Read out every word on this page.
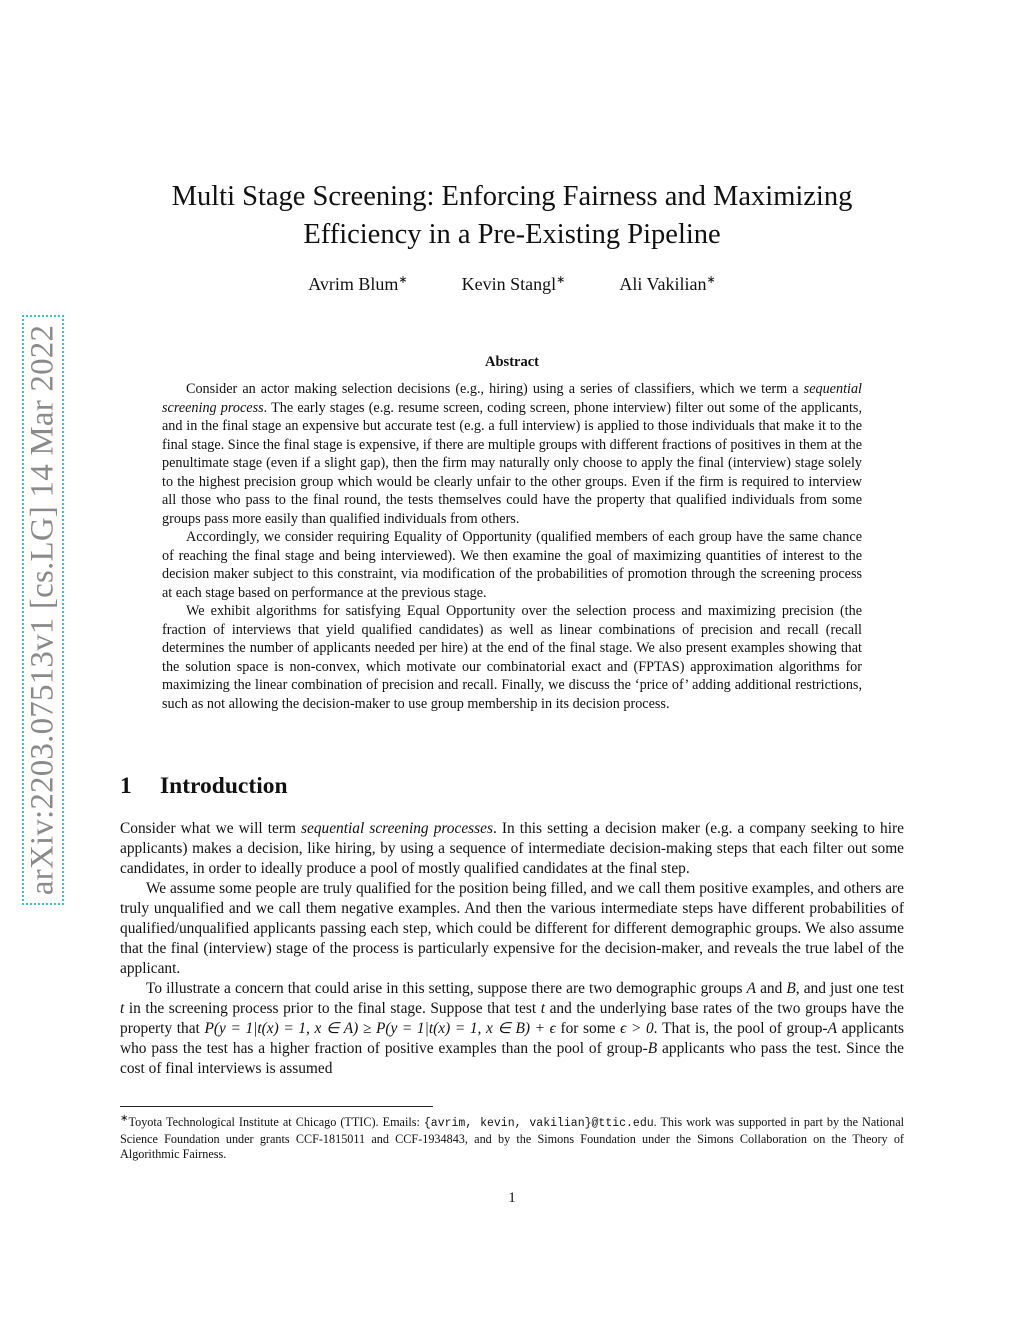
arXiv:2203.07513v1 [cs.LG] 14 Mar 2022
Multi Stage Screening: Enforcing Fairness and Maximizing
Efficiency in a Pre-Existing Pipeline
Avrim Blum∗	Kevin Stangl∗	Ali Vakilian∗
Abstract

Consider an actor making selection decisions (e.g., hiring) using a series of classifiers, which we term a sequential screening process. The early stages (e.g. resume screen, coding screen, phone interview) filter out some of the applicants, and in the final stage an expensive but accurate test (e.g. a full interview) is applied to those individuals that make it to the final stage. Since the final stage is expensive, if there are multiple groups with different fractions of positives in them at the penultimate stage (even if a slight gap), then the firm may naturally only choose to apply the final (interview) stage solely to the highest precision group which would be clearly unfair to the other groups. Even if the firm is required to interview all those who pass to the final round, the tests themselves could have the property that qualified individuals from some groups pass more easily than qualified individuals from others.

Accordingly, we consider requiring Equality of Opportunity (qualified members of each group have the same chance of reaching the final stage and being interviewed). We then examine the goal of maximizing quantities of interest to the decision maker subject to this constraint, via modification of the probabilities of promotion through the screening process at each stage based on performance at the previous stage.

We exhibit algorithms for satisfying Equal Opportunity over the selection process and maximizing precision (the fraction of interviews that yield qualified candidates) as well as linear combinations of precision and recall (recall determines the number of applicants needed per hire) at the end of the final stage. We also present examples showing that the solution space is non-convex, which motivate our combinatorial exact and (FPTAS) approximation algorithms for maximizing the linear combination of precision and recall. Finally, we discuss the ‘price of’ adding additional restrictions, such as not allowing the decision-maker to use group membership in its decision process.

1 Introduction

Consider what we will term sequential screening processes. In this setting a decision maker (e.g. a company seeking to hire applicants) makes a decision, like hiring, by using a sequence of intermediate decision-making steps that each filter out some candidates, in order to ideally produce a pool of mostly qualified candidates at the final step.

We assume some people are truly qualified for the position being filled, and we call them positive examples, and others are truly unqualified and we call them negative examples. And then the various intermediate steps have different probabilities of qualified/unqualified applicants passing each step, which could be different for different demographic groups. We also assume that the final (interview) stage of the process is particularly expensive for the decision-maker, and reveals the true label of the applicant.

To illustrate a concern that could arise in this setting, suppose there are two demographic groups A and B, and just one test t in the screening process prior to the final stage. Suppose that test t and the underlying base rates of the two groups have the property that P(y = 1|t(x) = 1, x ∈ A) ≥ P(y = 1|t(x) = 1, x ∈ B) + ϵ for some ϵ > 0. That is, the pool of group-A applicants who pass the test has a higher fraction of positive examples than the pool of group-B applicants who pass the test. Since the cost of final interviews is assumed

∗Toyota Technological Institute at Chicago (TTIC). Emails: {avrim, kevin, vakilian}@ttic.edu. This work was supported in part by the National Science Foundation under grants CCF-1815011 and CCF-1934843, and by the Simons Foundation under the Simons Collaboration on the Theory of Algorithmic Fairness.
1
